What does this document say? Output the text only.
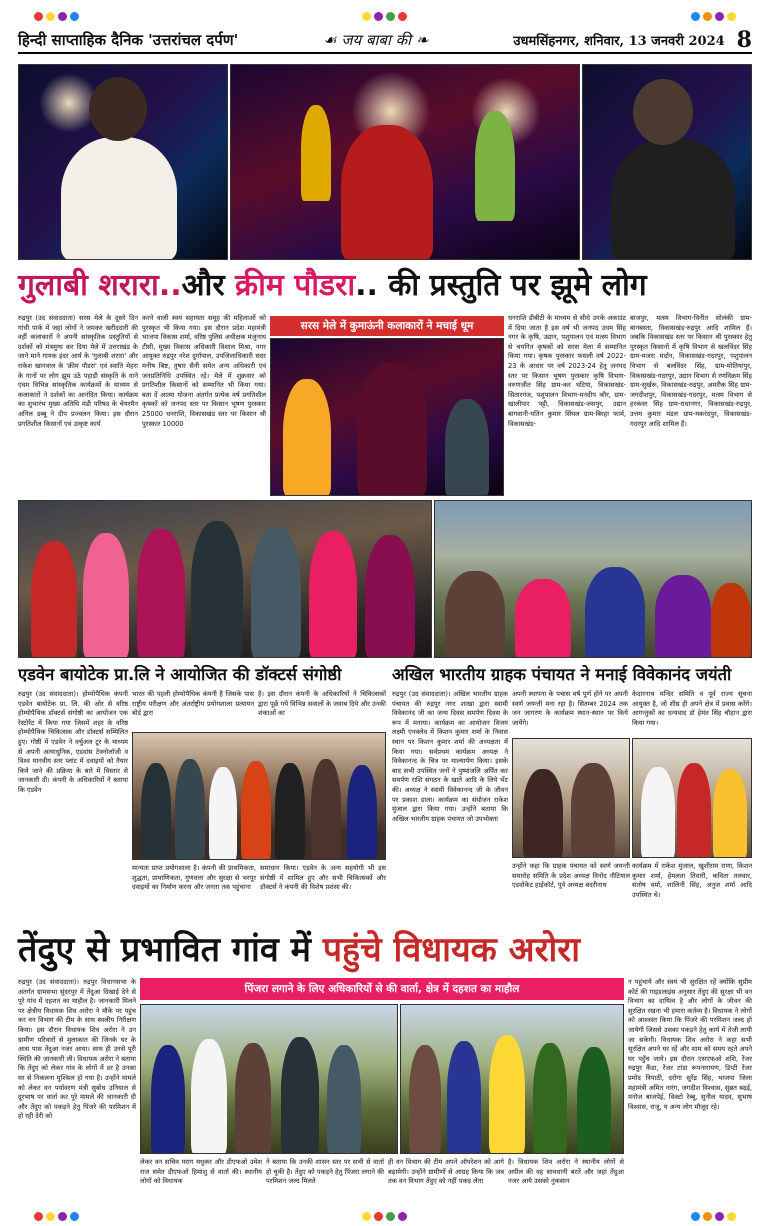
हिन्दी साप्ताहिक दैनिक 'उत्तरांचल दर्पण'	☙ जय बाबा की ❧	उधमसिंहनगर, शनिवार, 13 जनवरी 2024 8
गुलाबी शरारा..और क्रीम पौडरा.. की प्रस्तुति पर झूमे लोग
रुद्रपुर (उद संवाददाता) सरस मेले के दूसरे दिन गांधी पार्क में जहां लोगों ने जमकर खरीददारी की वहीं कलाकारों ने अपनी सांस्कृतिक प्रस्तुतियों से दर्शकों को मंत्रमुग्ध कर दिया मेले में उत्तराखंड के जाने माने गायक इंदर आर्य के 'गुलाबी शरारा' और राकेश खानवाल के 'क्रीम पौडरा' एवं स्वाति मेहरा के गानों पर लोग झूम उठे पहाड़ी संस्कृति के गाने एवम विभिन्न सांस्कृतिक कार्यक्रमों के माध्यम से कलाकारों ने दर्शकों का आनंदित किया। कार्यक्रम का शुभारंभ मुख्य अतिथि मंडी परिषद के चेयरमैन अनिल डब्बू ने दीप प्रज्वलन किया। इस दौरान प्रगतिशील किसानों एवं उत्कृष्ट कार्य
करने वाली स्वयं सहायता समूह की महिलाओं को पुरस्कृत भी किया गया। इस दौरान प्रदेश महामंत्री भाजपा विकास शर्मा, वरिष्ठ पुलिस अधीक्षक मंजुनाथ टीसी, मुख्य विकास अधिकारी विशाल मिश्रा, नगर आयुक्त रुद्रपुर नरेश दुर्गापाल, उपजिलाधिकारी सदर मनीष बिष्ट, तुषार सैनी समेत अन्य अधिकारी एवं जनप्रतिनिधि उपस्थित रहे। मेले में शुक्रवार को प्रगतिशील किसानों को सम्मानित भी किया गया। बता दें आत्मा योजना अंतर्गत प्रत्येक वर्ष प्रगतिशील कृषकों को जनपद स्तर पर किसान भूषण पुरस्कार 25000 धनराशि, विकासखंड स्तर पर किसान श्री पुरस्कार 10000
सरस मेले में कुमाऊंनी कलाकारों ने मचाई धूम
धनराशि डीबीटी के माध्यम से सीधे उनके अकाउंट में दिया जाता है इस वर्ष भी जनपद उधम सिंह नगर के कृषि, उद्यान, पशुपालन एवं मत्स्य विभाग से चयनित कृषकों को सरस मेला में सम्मानित किया गया। कृषक पुरस्कार फसली वर्ष 2022-23 के आधार पर वर्ष 2023-24 हेतु जनपद स्तर पर किसान भूषण पुरस्कार कृषि विभाग-वरुणजीत सिंह ग्राम-कर घटिया, विकासखंड-सितारगंज, पशुपालन विभाग-मनदीप कौर, ग्राम-खालीपार पट्टी, विकासखंड-जसपुर, उद्यान बागवानी-यतिन कुमार सिंघल ग्राम-बिरहा फार्म, विकासखंड-
बाजपुर, मत्स्य विभाग-विनीत सोलंकी ग्राम-बानबस्ता, विकासखंड-रुद्रपुर आदि शामिल हैं। जबकि विकासखंड स्तर पर किसान श्री पुरस्कार हेतु पुरस्कृत किसानों में कृषि विभाग से खलविंदर सिंह ग्राम-मजरा मर्दान, विकासखंड-गदरपुर, पशुपालन विभाग से बलविंदर सिंह, ग्राम-मोतियापुर, विकासखंड-गदरपुर, उद्यान विभाग से रणविक्रम सिंह ग्राम-सुर्खरू, विकासखंड-रुद्रपुर, अमरीक सिंह ग्राम-जगदीशपुर, विकासखंड-गदरपुर, मत्स्य विभाग से हरकंवर सिंह ग्राम-राधानगर, विकासखंड-रुद्रपुर, उत्तम कुमार मंडल ग्राम-मकरंदपुर, विकासखंड-गदरपुर आदि शामिल हैं।
एडवेन बायोटेक प्रा.लि ने आयोजित की डॉक्टर्स संगोष्ठी
रुद्रपुर (उद संवाददाता)। होम्योपैथिक कंपनी एडवेन बायोटेक प्रा. लि. की ओर से वरिष्ठ होम्योपैथिक डॉक्टर्स संगोष्ठी का आयोजन एक रेस्टोरेंट में किया गया जिसमें शहर के वरिष्ठ होम्योपैथिक चिकित्सक और डॉक्टर्स सम्मिलित हुए। गोष्ठी में एडवेन ने वर्चुअल टूर के माध्यम से अपनी अत्याधुनिक, एडवांस टेक्नोलॉजी व विश्व मानवीय स्तर प्लांट में दवाइयों को तैयार किये जाने की प्रक्रिया के बारे में विस्तार से जानकारी दी। कंपनी के अधिकारियों ने बताया कि एडवेन
भारत की पहली होम्योपैथिक कंपनी है जिसके पास राष्ट्रीय परीक्षण और अंतर्राष्ट्रीय प्रयोगशाला प्रत्यायन बोर्ड द्वारा
है। इस दौरान कंपनी के अधिकारियों ने चिकित्सकों द्वारा पूछे गये विभिन्न सवालों के जवाब दिये और उनकी शंकाओं का
मान्यता प्राप्त प्रयोगशाला है। कंपनी की प्राथमिकता, शुद्धता, प्रामाणिकता, गुणवत्ता और सुरक्षा से भरपूर दवाइयों का निर्माण करना और जनता तक पहुंचाना
समाधान किया। एडवेन के अन्य सहयोगी भी इस संगोष्ठी में शामिल हुए और सभी चिकित्सकों और डॉक्टर्स ने कंपनी की विशेष प्रशंसा की।
अखिल भारतीय ग्राहक पंचायत ने मनाई विवेकानंद जयंती
रुद्रपुर (उद संवाददाता)। अखिल भारतीय ग्राहक पंचायत की रुद्रपुर नगर शाखा द्वारा स्वामी विवेकानंद जी का जन्म दिवस समर्पण दिवस के रूप में मनाया। कार्यक्रम का आयोजन विजय लक्ष्मी एनक्लेव में किशन कुमार शर्मा के निवास स्थान पर किशन कुमार शर्मा की अध्यक्षता में किया गया। सर्वप्रथम कार्यक्रम अध्यक्ष ने विवेकानन्द के चित्र पर माल्यार्पण किया। इसके बाद सभी उपस्थित जनों ने पुष्पांजलि अर्पित कर समर्पण राशि संगठन के खाते आदि के लिये भेंट की। अध्यक्ष ने स्वामी विवेकानन्द जी के जीवन पर प्रकाश डाला। कार्यक्रम का संयोजन राकेश मुंजाल द्वारा किया गया। उन्होंने बताया कि अखिल भारतीय ग्राहक पंचायत जो उपभोक्ता
अपनी स्थापना के पचास वर्ष पूर्ण होने पर अपनी स्वर्ण जयन्ती मना रहा है। सितम्बर 2024 तक जन जागरण के कार्यक्रम स्थान-स्थान पर किये जायेंगे।
केदारनाथ मन्दिर समिति व पूर्व राज्य सूचना आयुक्त है, जो शीघ्र ही अपने क्षेत्र में प्रवास करेंगे। आगन्तुकों का धन्यवाद डॉ हेमंत सिंह चौहान द्वारा किया गया।
उन्होंने कहा कि ग्राहक पंचायत को स्वर्ण जयन्ती समारोह समिति के प्रदेश अध्यक्ष विनोद नौटियाल एडवोकेट हाईकोर्ट, पूर्व अध्यक्ष बदरीनाथ
कार्यक्रम में राकेश मुंजाल, खुशीराम राणा, किशन कुमार शर्मा, हेमलता तिवारी, कविता तलवार, संतोष वर्मा, शालिनी सिंह, अनुज शर्मा आदि उपस्थित थे।
तेंदुए से प्रभावित गांव में पहुंचे विधायक अरोरा
रुद्रपुर (उद संवाददाता)। रुद्रपुर विधानसभा के अंतर्गत ग्रामसभा सुंदरपुर में तेंदुआ दिखाई देने से पूरे गांव में दहशत का माहौल है। जानकारी मिलने पर क्षेत्रीय विधायक शिव अरोरा ने मौके पर पहुंच कर वन विभाग की टीम के साथ स्थलीय निरीक्षण किया। इस दौरान विधायक शिव अरोरा ने उन ग्रामीण परिवारों से मुलाकात की जिनके घर के आस पास तेंदुआ नजर आया। साथ ही उनसे पूरी स्थिति की जानकारी ली। विधायक अरोरा ने बताया कि तेंदुए को लेकर गांव के लोगों में डर है उनका घर से निकलना मुश्किल हो गया है। उन्होंने मामले को लेकर वन पर्यावरण मंत्री सुबोध उनियाल से दूरभाष पर वार्ता कर पूरे मामले की जानकारी दी और तेंदुए को पकड़ने हेतु पिंजरे की परमिशन में हो रही देरी को
पिंजरा लगाने के लिए अधिकारियों से की वार्ता, क्षेत्र में दहशत का माहौल
लेकर वन सचिव पराग मधुकर और डीएफओ उमेश राज समेत डीएफओ हिमांशु से वार्ता की। स्थानीय लोगों को विधायक
ने बताया कि उनकी शासन स्तर पर सभी से वार्ता हो चुकी है। तेंदुए को पकड़ने हेतु पिंजरा लगाने की परमिशन जल्द मिलते
ही वन विभाग की टीम अपने ऑपरेशन को आगे बढ़ायेगी। उन्होंने ग्रामीणों से आग्रह किया कि जब तक वन विभाग तेंदुए को नहीं पकड़ लेता
है। विधायक शिव अरोरा ने स्थानीय लोगों से अपील की वह सावधानी बरतें और जहां तेंदुआ नजर आये उसको नुकसान
न पहुंचाये और स्वयं भी सुरक्षित रहें क्योंकि सुप्रीम कोर्ट की गाइडलाइंस अनुसार तेंदुए की सुरक्षा भी वन विभाग का दायित्व है और लोगों के जीवन की सुरक्षित रखना भी हमारा कर्तव्य है। विधायक ने लोगों को आश्वस्त किया कि पिंजरे की परमिशन जल्द हो जायेगी जिससे उसका पकड़ने हेतु कार्य में तेजी लायी जा सकेगी। विधायक शिव अरोरा ने कहा सभी सुरक्षित अपने घर रहें और शाम को समय रहते अपने घर पहुँच जाये। इस दौरान एसएफओ शशि, रेंजर रुद्रपुर कैंडा, रेंजर टांडा रूपनारायण, डिप्टी रेंजर प्रमोद त्रिपाठी, दरोगा सुरेंद्र सिंह, भाजपा जिला महामंत्री अमित नारंग, जगदीश विश्वास, सुब्रत बढ़ई, मनोज बाजपेई, विक्टो रेब्बू, सुनील यादव, सुभाष विश्वास, राजू, य अन्य लोग मौजूद रहे।
